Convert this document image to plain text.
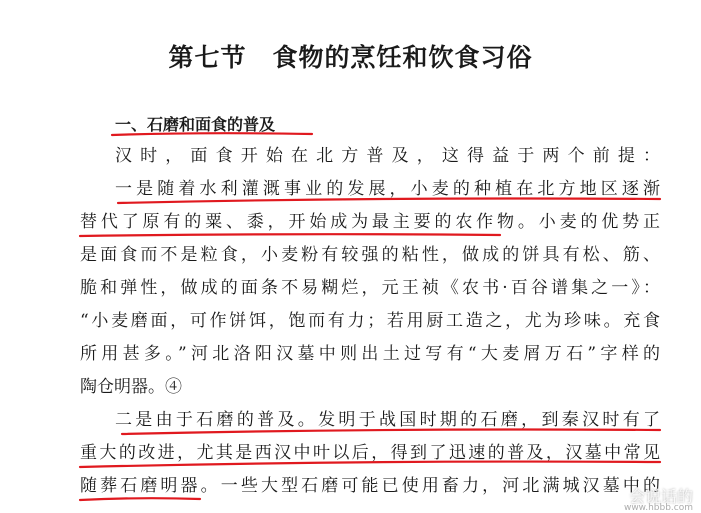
第七节　食物的烹饪和饮食习俗
一、石磨和面食的普及
汉时，面食开始在北方普及，这得益于两个前提：
一是随着水利灌溉事业的发展，小麦的种植在北方地区逐渐
替代了原有的粟、黍，开始成为最主要的农作物。小麦的优势正
是面食而不是粒食，小麦粉有较强的粘性，做成的饼具有松、筋、
脆和弹性，做成的面条不易糊烂，元王祯《农书·百谷谱集之一》：
“小麦磨面，可作饼饵，饱而有力；若用厨工造之，尤为珍味。充食
所用甚多。”河北洛阳汉墓中则出土过写有“大麦屑万石”字样的
陶仓明器。④
二是由于石磨的普及。发明于战国时期的石磨，到秦汉时有了
重大的改进，尤其是西汉中叶以后，得到了迅速的普及，汉墓中常见
随葬石磨明器。一些大型石磨可能已使用畜力，河北满城汉墓中的
会说话的
www.hbbb.com
